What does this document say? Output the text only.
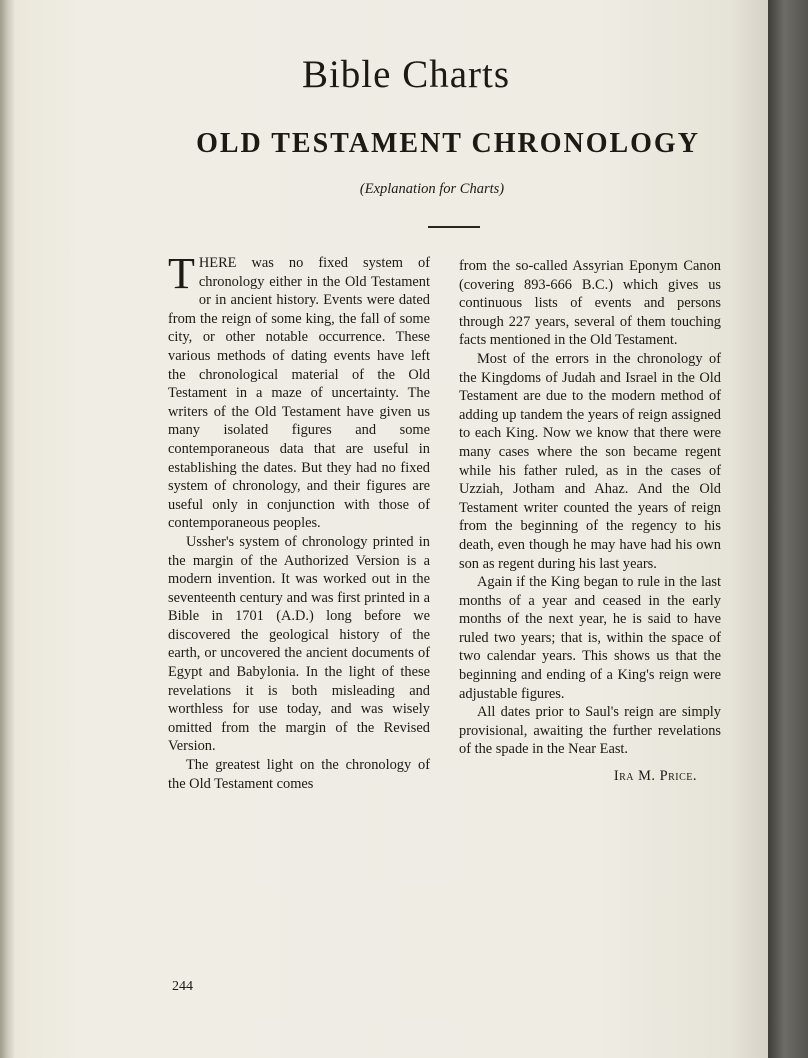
Bible Charts
OLD TESTAMENT CHRONOLOGY
(Explanation for Charts)

THERE was no fixed system of chronology either in the Old Testament or in ancient history. Events were dated from the reign of some king, the fall of some city, or other notable occurrence. These various methods of dating events have left the chronological material of the Old Testament in a maze of uncertainty. The writers of the Old Testament have given us many isolated figures and some contemporaneous data that are useful in establishing the dates. But they had no fixed system of chronology, and their figures are useful only in conjunction with those of contemporaneous peoples.

Ussher's system of chronology printed in the margin of the Authorized Version is a modern invention. It was worked out in the seventeenth century and was first printed in a Bible in 1701 (A.D.) long before we discovered the geological history of the earth, or uncovered the ancient documents of Egypt and Babylonia. In the light of these revelations it is both misleading and worthless for use today, and was wisely omitted from the margin of the Revised Version.

The greatest light on the chronology of the Old Testament comes

from the so-called Assyrian Eponym Canon (covering 893-666 B.C.) which gives us continuous lists of events and persons through 227 years, several of them touching facts mentioned in the Old Testament.

Most of the errors in the chronology of the Kingdoms of Judah and Israel in the Old Testament are due to the modern method of adding up tandem the years of reign assigned to each King. Now we know that there were many cases where the son became regent while his father ruled, as in the cases of Uzziah, Jotham and Ahaz. And the Old Testament writer counted the years of reign from the beginning of the regency to his death, even though he may have had his own son as regent during his last years.

Again if the King began to rule in the last months of a year and ceased in the early months of the next year, he is said to have ruled two years; that is, within the space of two calendar years. This shows us that the beginning and ending of a King's reign were adjustable figures.

All dates prior to Saul's reign are simply provisional, awaiting the further revelations of the spade in the Near East.

Ira M. Price.
244
